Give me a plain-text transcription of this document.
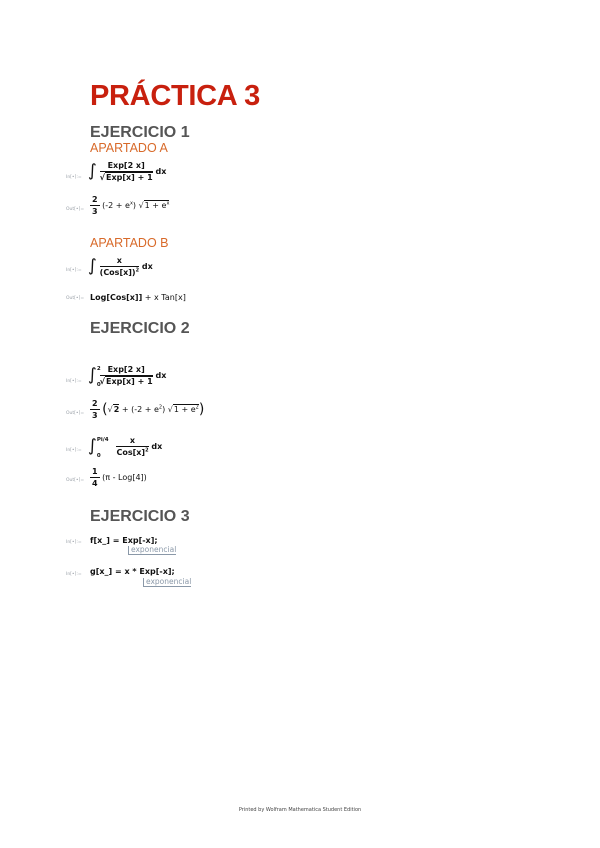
PRÁCTICA 3
EJERCICIO 1
APARTADO A
In[•]:= ∫ $\frac{\text{Exp[2 x]}}{\text{√Exp[x] + 1}}$ dx
Out[•]= $\frac{2}{3} (-2 + e^x) √1 + e^x$
APARTADO B
In[•]:= ∫ $\frac{x}{(Cos[x])^2}$ dx
Out[•]= Log[Cos[x]] + x Tan[x]
EJERCICIO 2
In[•]:= ∫ 2
0

$\frac{\text{Exp[2 x]}}{\text{√Exp[x] + 1}}$ dx
Out[•]= $\frac{2}{3} (√2 + (-2 + e^2) √1 + e^2)$
In[•]:= ∫ Pi/4
0
$\frac{x}{Cos[x]^2}$ dx
Out[•]= $\frac{1}{4} (\pi - Log[4])$
EJERCICIO 3
In[•]:= f[x_] = Exp[-x];
exponencial
In[•]:= g[x_] = x * Exp[-x];
exponencial
Printed by Wolfram Mathematica Student Edition
